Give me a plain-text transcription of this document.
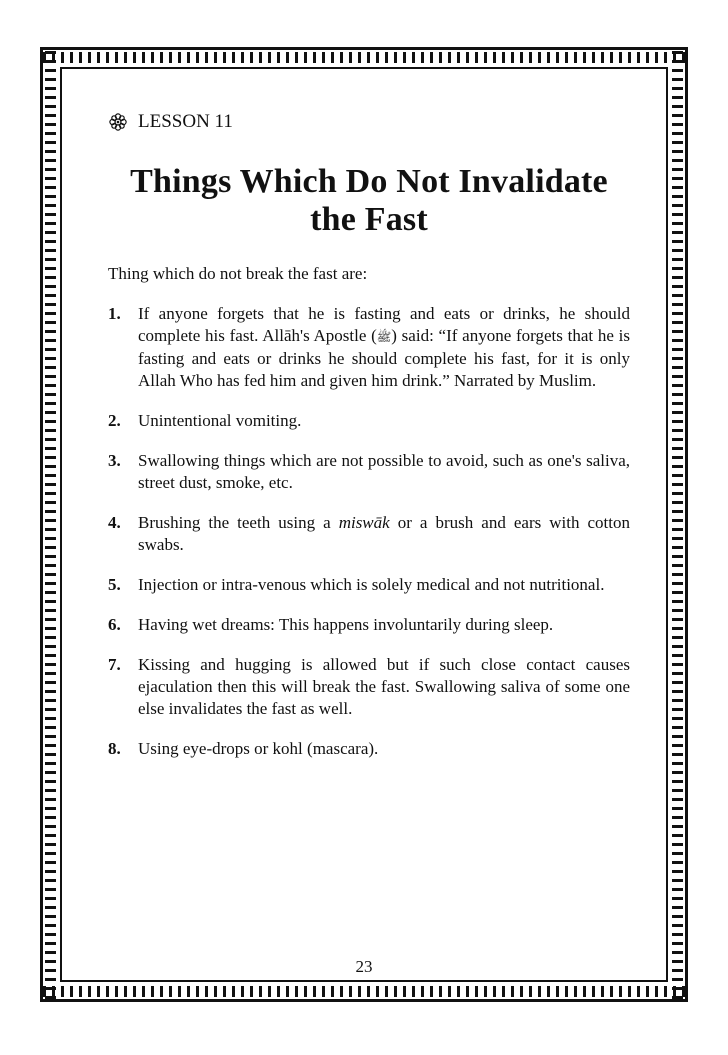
LESSON 11
Things Which Do Not Invalidate
the Fast
Thing which do not break the fast are:
1. If anyone forgets that he is fasting and eats or drinks, he should complete his fast. Allāh's Apostle (ﷺ) said: “If anyone forgets that he is fasting and eats or drinks he should complete his fast, for it is only Allah Who has fed him and given him drink.” Narrated by Muslim.
2. Unintentional vomiting.
3. Swallowing things which are not possible to avoid, such as one's saliva, street dust, smoke, etc.
4. Brushing the teeth using a miswāk or a brush and ears with cotton swabs.
5. Injection or intra-venous which is solely medical and not nutritional.
6. Having wet dreams: This happens involuntarily during sleep.
7. Kissing and hugging is allowed but if such close contact causes ejaculation then this will break the fast. Swallowing saliva of some one else invalidates the fast as well.
8. Using eye-drops or kohl (mascara).
23
